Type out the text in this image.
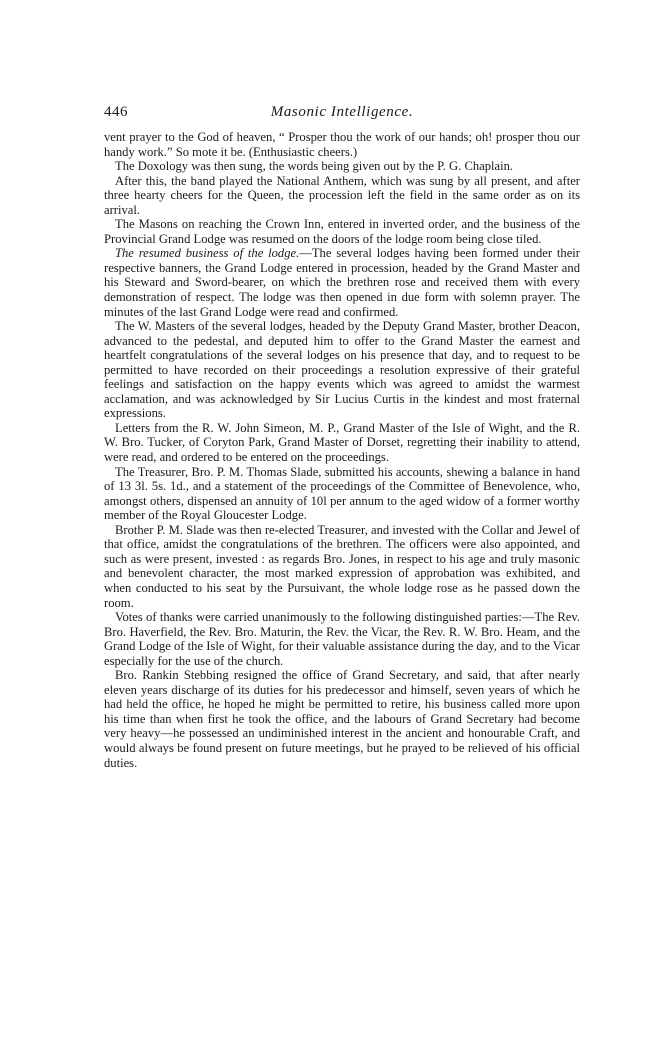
446	Masonic Intelligence.

vent prayer to the God of heaven, “ Prosper thou the work of our hands; oh! prosper thou our handy work.” So mote it be. (Enthusiastic cheers.)

The Doxology was then sung, the words being given out by the P. G. Chaplain.

After this, the band played the National Anthem, which was sung by all present, and after three hearty cheers for the Queen, the procession left the field in the same order as on its arrival.

The Masons on reaching the Crown Inn, entered in inverted order, and the business of the Provincial Grand Lodge was resumed on the doors of the lodge room being close tiled.

The resumed business of the lodge.—The several lodges having been formed under their respective banners, the Grand Lodge entered in procession, headed by the Grand Master and his Steward and Sword-bearer, on which the brethren rose and received them with every demonstration of respect. The lodge was then opened in due form with solemn prayer. The minutes of the last Grand Lodge were read and confirmed.

The W. Masters of the several lodges, headed by the Deputy Grand Master, brother Deacon, advanced to the pedestal, and deputed him to offer to the Grand Master the earnest and heartfelt congratulations of the several lodges on his presence that day, and to request to be permitted to have recorded on their proceedings a resolution expressive of their grateful feelings and satisfaction on the happy events which was agreed to amidst the warmest acclamation, and was acknowledged by Sir Lucius Curtis in the kindest and most fraternal expressions.

Letters from the R. W. John Simeon, M. P., Grand Master of the Isle of Wight, and the R. W. Bro. Tucker, of Coryton Park, Grand Master of Dorset, regretting their inability to attend, were read, and ordered to be entered on the proceedings.

The Treasurer, Bro. P. M. Thomas Slade, submitted his accounts, shewing a balance in hand of 13 3l. 5s. 1d., and a statement of the proceedings of the Committee of Benevolence, who, amongst others, dispensed an annuity of 10l per annum to the aged widow of a former worthy member of the Royal Gloucester Lodge.

Brother P. M. Slade was then re-elected Treasurer, and invested with the Collar and Jewel of that office, amidst the congratulations of the brethren. The officers were also appointed, and such as were present, invested : as regards Bro. Jones, in respect to his age and truly masonic and benevolent character, the most marked expression of approbation was exhibited, and when conducted to his seat by the Pursuivant, the whole lodge rose as he passed down the room.

Votes of thanks were carried unanimously to the following distinguished parties:—The Rev. Bro. Haverfield, the Rev. Bro. Maturin, the Rev. the Vicar, the Rev. R. W. Bro. Heam, and the Grand Lodge of the Isle of Wight, for their valuable assistance during the day, and to the Vicar especially for the use of the church.

Bro. Rankin Stebbing resigned the office of Grand Secretary, and said, that after nearly eleven years discharge of its duties for his predecessor and himself, seven years of which he had held the office, he hoped he might be permitted to retire, his business called more upon his time than when first he took the office, and the labours of Grand Secretary had become very heavy—he possessed an undiminished interest in the ancient and honourable Craft, and would always be found present on future meetings, but he prayed to be relieved of his official duties.
